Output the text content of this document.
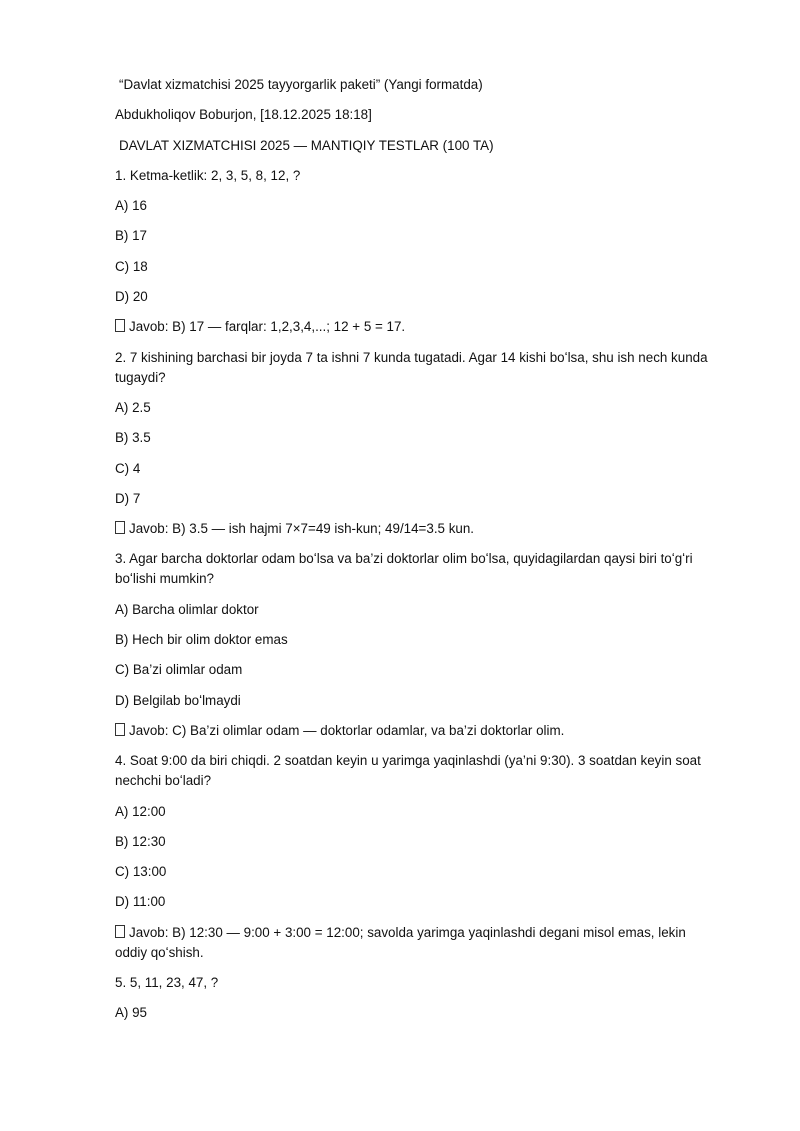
“Davlat xizmatchisi 2025 tayyorgarlik paketi” (Yangi formatda)

Abdukholiqov Boburjon, [18.12.2025 18:18]

DAVLAT XIZMATCHISI 2025 — MANTIQIY TESTLAR (100 TA)

1. Ketma-ketlik: 2, 3, 5, 8, 12, ?

A) 16

B) 17

C) 18

D) 20

Javob: B) 17 — farqlar: 1,2,3,4,...; 12 + 5 = 17.

2. 7 kishining barchasi bir joyda 7 ta ishni 7 kunda tugatadi. Agar 14 kishi boʻlsa, shu ish nech kunda tugaydi?

A) 2.5

B) 3.5

C) 4

D) 7

Javob: B) 3.5 — ish hajmi 7×7=49 ish-kun; 49/14=3.5 kun.

3. Agar barcha doktorlar odam boʻlsa va ba’zi doktorlar olim boʻlsa, quyidagilardan qaysi biri toʻgʻri boʻlishi mumkin?

A) Barcha olimlar doktor

B) Hech bir olim doktor emas

C) Ba’zi olimlar odam

D) Belgilab boʻlmaydi

Javob: C) Ba’zi olimlar odam — doktorlar odamlar, va ba’zi doktorlar olim.

4. Soat 9:00 da biri chiqdi. 2 soatdan keyin u yarimga yaqinlashdi (ya’ni 9:30). 3 soatdan keyin soat nechchi boʻladi?

A) 12:00

B) 12:30

C) 13:00

D) 11:00

Javob: B) 12:30 — 9:00 + 3:00 = 12:00; savolda yarimga yaqinlashdi degani misol emas, lekin oddiy qoʻshish.

5. 5, 11, 23, 47, ?

A) 95
